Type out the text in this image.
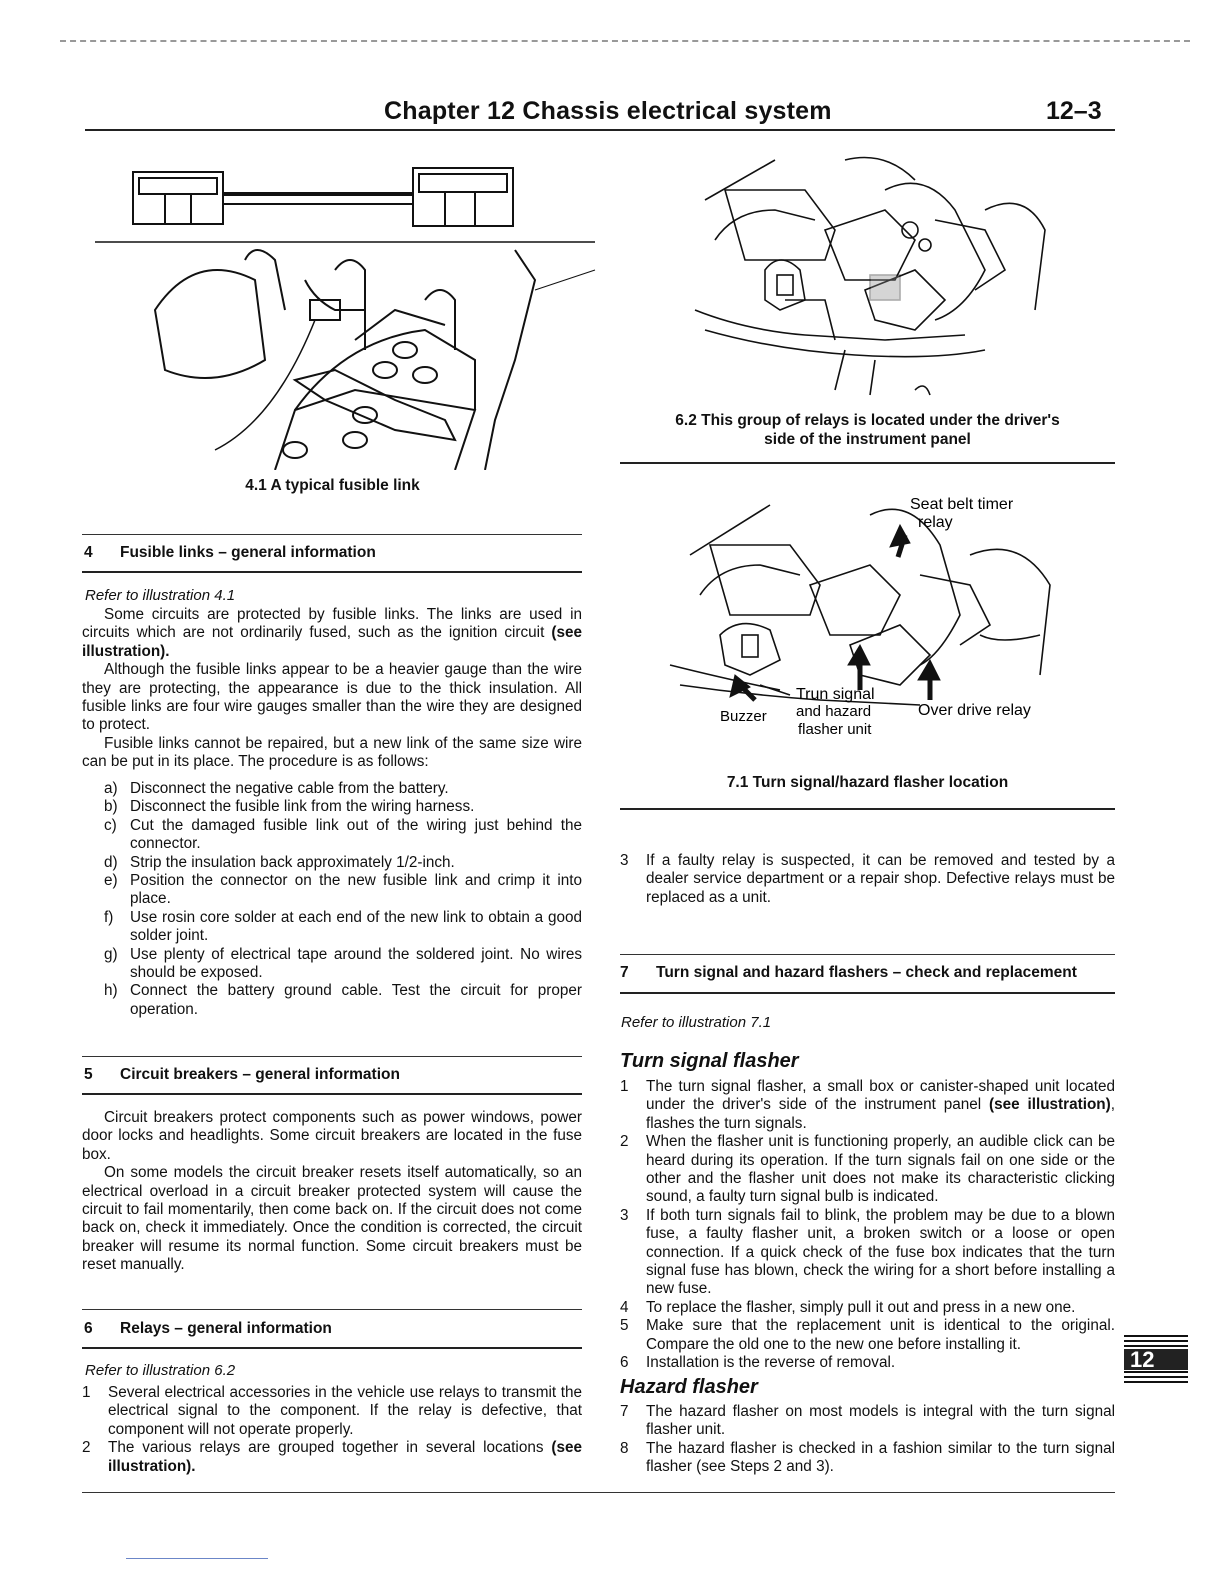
Chapter 12 Chassis electrical system	12–3
4.1 A typical fusible link
6.2 This group of relays is located under the driver's
side of the instrument panel
Seat belt timer
relay
Trun signal
and hazard
flasher unit
Buzzer	Over drive relay
7.1 Turn signal/hazard flasher location
4 Fusible links – general information
Refer to illustration 4.1

Some circuits are protected by fusible links. The links are used in circuits which are not ordinarily fused, such as the ignition circuit (see illustration).

Although the fusible links appear to be a heavier gauge than the wire they are protecting, the appearance is due to the thick insulation. All fusible links are four wire gauges smaller than the wire they are designed to protect.

Fusible links cannot be repaired, but a new link of the same size wire can be put in its place. The procedure is as follows:

a) Disconnect the negative cable from the battery.
b) Disconnect the fusible link from the wiring harness.
c) Cut the damaged fusible link out of the wiring just behind the connector.
d) Strip the insulation back approximately 1/2-inch.
e) Position the connector on the new fusible link and crimp it into place.
f)	Use rosin core solder at each end of the new link to obtain a good solder joint.
g) Use plenty of electrical tape around the soldered joint. No wires should be exposed.
h) Connect the battery ground cable. Test the circuit for proper operation.
5 Circuit breakers – general information

Circuit breakers protect components such as power windows, power door locks and headlights. Some circuit breakers are located in the fuse box.

On some models the circuit breaker resets itself automatically, so an electrical overload in a circuit breaker protected system will cause the circuit to fail momentarily, then come back on. If the circuit does not come back on, check it immediately. Once the condition is corrected, the circuit breaker will resume its normal function. Some circuit breakers must be reset manually.

6 Relays – general information
Refer to illustration 6.2
1	Several electrical accessories in the vehicle use relays to transmit the electrical signal to the component. If the relay is defective, that component will not operate properly.
2	The various relays are grouped together in several locations (see illustration).
3	If a faulty relay is suspected, it can be removed and tested by a dealer service department or a repair shop. Defective relays must be replaced as a unit.
7 Turn signal and hazard flashers – check and replacement
Refer to illustration 7.1
Turn signal flasher
1	The turn signal flasher, a small box or canister-shaped unit located under the driver's side of the instrument panel (see illustration), flashes the turn signals.
2	When the flasher unit is functioning properly, an audible click can be heard during its operation. If the turn signals fail on one side or the other and the flasher unit does not make its characteristic clicking sound, a faulty turn signal bulb is indicated.
3	If both turn signals fail to blink, the problem may be due to a blown fuse, a faulty flasher unit, a broken switch or a loose or open connection. If a quick check of the fuse box indicates that the turn signal fuse has blown, check the wiring for a short before installing a new fuse.
4	To replace the flasher, simply pull it out and press in a new one.
5	Make sure that the replacement unit is identical to the original. Compare the old one to the new one before installing it.
6	Installation is the reverse of removal.
Hazard flasher
7	The hazard flasher on most models is integral with the turn signal flasher unit.
8	The hazard flasher is checked in a fashion similar to the turn signal flasher (see Steps 2 and 3).
12
